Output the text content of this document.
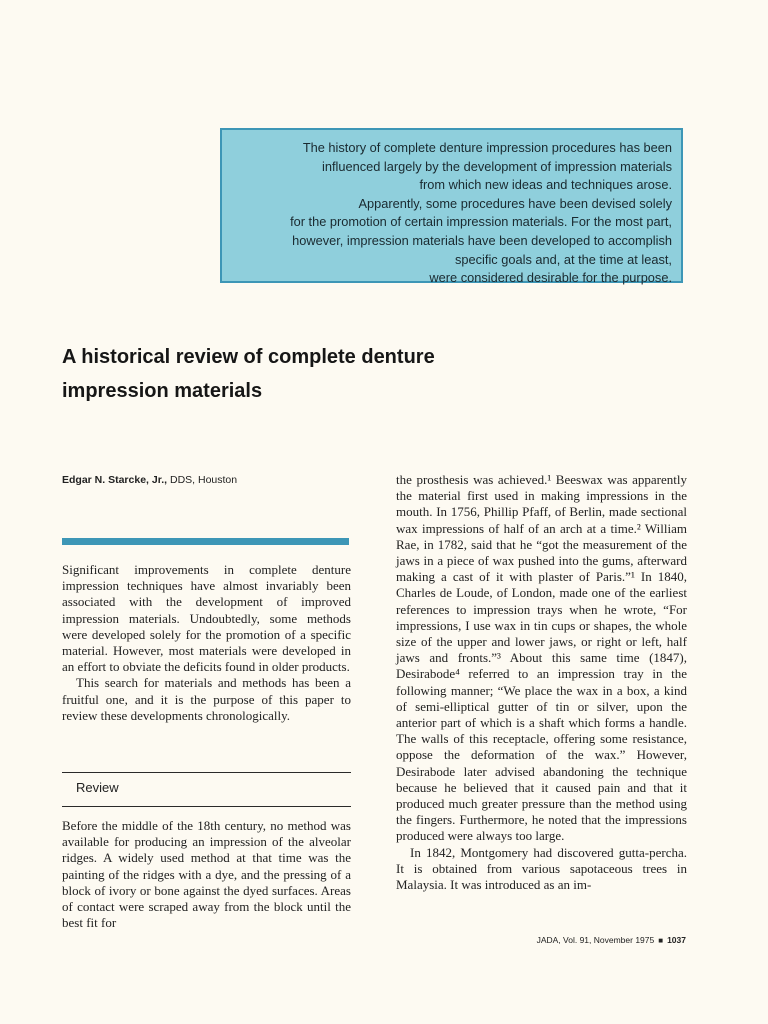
The history of complete denture impression procedures has been

influenced largely by the development of impression materials

from which new ideas and techniques arose.

Apparently, some procedures have been devised solely

for the promotion of certain impression materials. For the most part,

however, impression materials have been developed to accomplish

specific goals and, at the time at least,

were considered desirable for the purpose.

A historical review of complete denture
impression materials
Edgar N. Starcke, Jr., DDS, Houston

Significant improvements in complete denture impression techniques have almost invariably been associated with the development of improved impression materials. Undoubtedly, some methods were developed solely for the promotion of a specific material. However, most materials were developed in an effort to obviate the deficits found in older products.

This search for materials and methods has been a fruitful one, and it is the purpose of this paper to review these developments chronologically.

Review

Before the middle of the 18th century, no method was available for producing an impression of the alveolar ridges. A widely used method at that time was the painting of the ridges with a dye, and the pressing of a block of ivory or bone against the dyed surfaces. Areas of contact were scraped away from the block until the best fit for

the prosthesis was achieved.¹ Beeswax was apparently the material first used in making impressions in the mouth. In 1756, Phillip Pfaff, of Berlin, made sectional wax impressions of half of an arch at a time.² William Rae, in 1782, said that he “got the measurement of the jaws in a piece of wax pushed into the gums, afterward making a cast of it with plaster of Paris.”¹ In 1840, Charles de Loude, of London, made one of the earliest references to impression trays when he wrote, “For impressions, I use wax in tin cups or shapes, the whole size of the upper and lower jaws, or right or left, half jaws and fronts.”³ About this same time (1847), Desirabode⁴ referred to an impression tray in the following manner; “We place the wax in a box, a kind of semi-elliptical gutter of tin or silver, upon the anterior part of which is a shaft which forms a handle. The walls of this receptacle, offering some resistance, oppose the deformation of the wax.” However, Desirabode later advised abandoning the technique because he believed that it caused pain and that it produced much greater pressure than the method using the fingers. Furthermore, he noted that the impressions produced were always too large.

In 1842, Montgomery had discovered gutta-percha. It is obtained from various sapotaceous trees in Malaysia. It was introduced as an im-

JADA, Vol. 91, November 1975 ■ 1037
